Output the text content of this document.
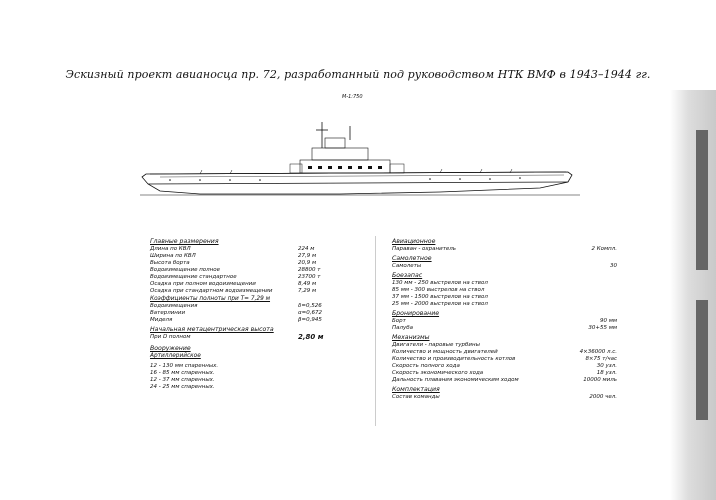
Эскизный проект авианосца пр. 72, разработанный под руководством НТК ВМФ в 1943–1944 гг.
М-1:750
Главные размерения
Длина по КВЛ	224 м
Ширина по КВЛ	27,9 м
Высота борта	20,9 м
Водоизмещение полное	28800 т
Водоизмещение стандартное	23700 т
Осадка при полном водоизмещении	8,49 м
Осадка при стандартном водоизмещении	7,29 м
Коэффициенты полноты при Т= 7,29 м
Водоизмещения	δ=0,526
Ватерлинии	α=0,672
Миделя	β=0,945
Начальная метацентрическая высота
При D полном	2,80 м
Вооружение
Артиллерийское
12 - 130 мм спаренных.
16 - 85 мм спаренных.
12 - 37 мм спаренных.
24 - 25 мм спаренных.
Авиационное
Параван - охранитель	2 Компл.
Самолетное
Самолеты	30
Боезапас
130 мм - 250 выстрелов на ствол
85 мм - 300 выстрелов на ствол
37 мм - 1500 выстрелов на ствол
25 мм - 2000 выстрелов на ствол
Бронирование
Борт	90 мм
Палуба	30+55 мм
Механизмы
Двигатели - паровые турбины
Количество и мощность двигателей	4×36000 л.с.
Количество и производительность котлов	8×75 т/час
Скорость полного хода	30 узл.
Скорость экономического хода	18 узл.
Дальность плавания экономическим ходом	10000 миль
Комплектация
Состав команды	2000 чел.
